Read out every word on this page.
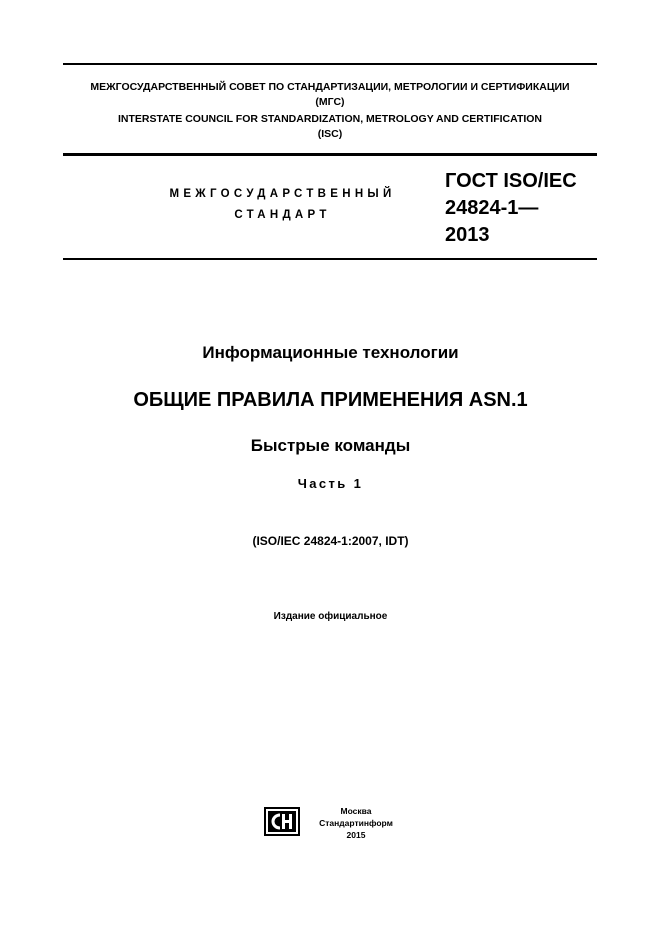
МЕЖГОСУДАРСТВЕННЫЙ СОВЕТ ПО СТАНДАРТИЗАЦИИ, МЕТРОЛОГИИ И СЕРТИФИКАЦИИ
(МГС)
INTERSTATE COUNCIL FOR STANDARDIZATION, METROLOGY AND CERTIFICATION
(ISC)
МЕЖГОСУДАРСТВЕННЫЙ
СТАНДАРТ
ГОСТ ISO/IEC
24824-1—
2013
Информационные технологии
ОБЩИЕ ПРАВИЛА ПРИМЕНЕНИЯ ASN.1
Быстрые команды
Часть 1
(ISO/IEC 24824-1:2007, IDT)
Издание официальное
Москва
Стандартинформ
2015
